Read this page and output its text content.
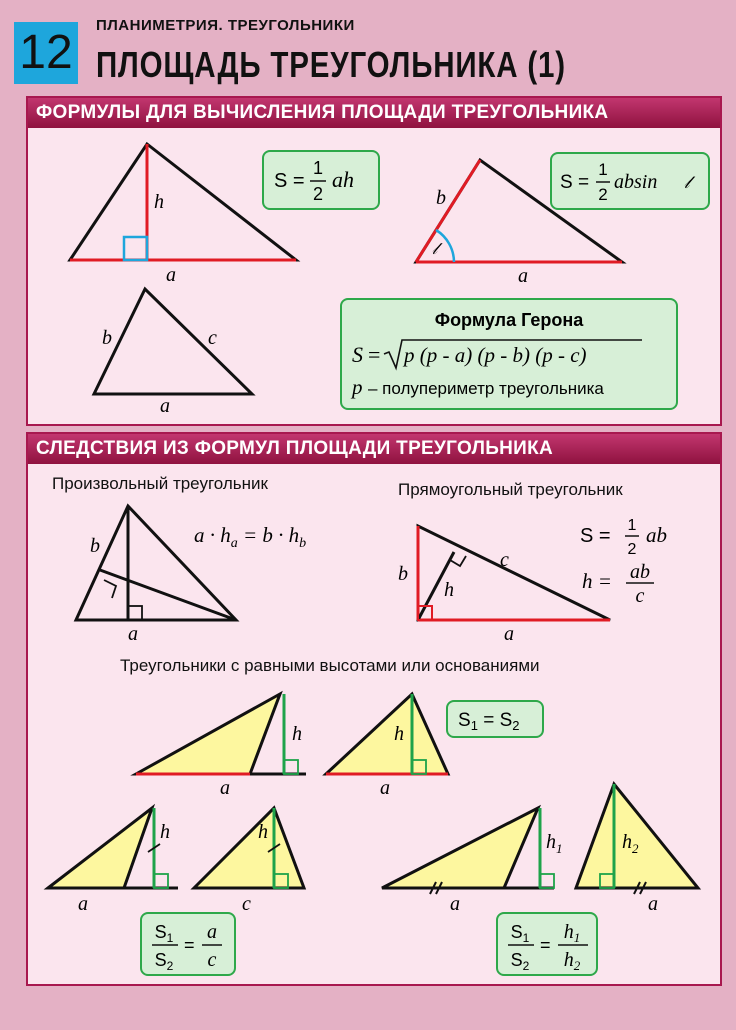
12
ПЛАНИМЕТРИЯ. ТРЕУГОЛЬНИКИ
ПЛОЩАДЬ ТРЕУГОЛЬНИКА (1)
ФОРМУЛЫ ДЛЯ ВЫЧИСЛЕНИЯ ПЛОЩАДИ ТРЕУГОЛЬНИКА
h
a
S =
1
2
ah
𝓁
b
a
S =
1
2
absin 𝓁
b	c
a
Формула Герона
S = p (p - a) (p - b) (p - c)
p – полупериметр треугольника
СЛЕДСТВИЯ ИЗ ФОРМУЛ ПЛОЩАДИ ТРЕУГОЛЬНИКА
Произвольный треугольник
b
a
$a \cdot h_a = b \cdot h_b$
Прямоугольный треугольник
b
h
c
a
S = 1
2
ab
h = ab
c
Треугольники с равными высотами или основаниями
h
a
h
a
$S_1 = S_2$
h
a
h
c
$S_1$
$S_2$
=
a
c
$h_1$
a
$h_2$
a
$S_1$
$S_2$
=
$h_1$
$h_2$
